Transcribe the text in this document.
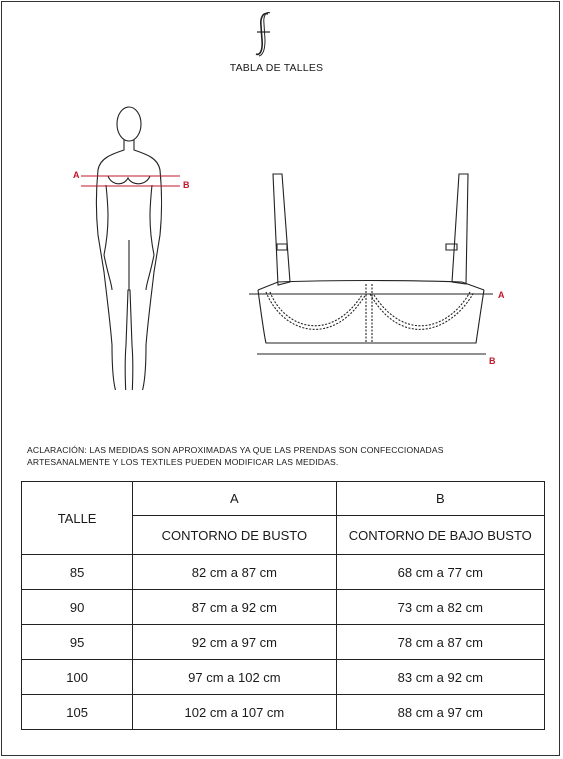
TABLA DE TALLES
A
B
A
B
ACLARACIÓN: LAS MEDIDAS SON APROXIMADAS YA QUE LAS PRENDAS SON CONFECCIONADAS ARTESANALMENTE Y LOS TEXTILES PUEDEN MODIFICAR LAS MEDIDAS.
TALLE	A	B
	CONTORNO DE BUSTO	CONTORNO DE BAJO BUSTO
85	82 cm a 87 cm	68 cm a 77 cm
90	87 cm a 92 cm	73 cm a 82 cm
95	92 cm a 97 cm	78 cm a 87 cm
100	97 cm a 102 cm	83 cm a 92 cm
105	102 cm a 107 cm	88 cm a 97 cm
